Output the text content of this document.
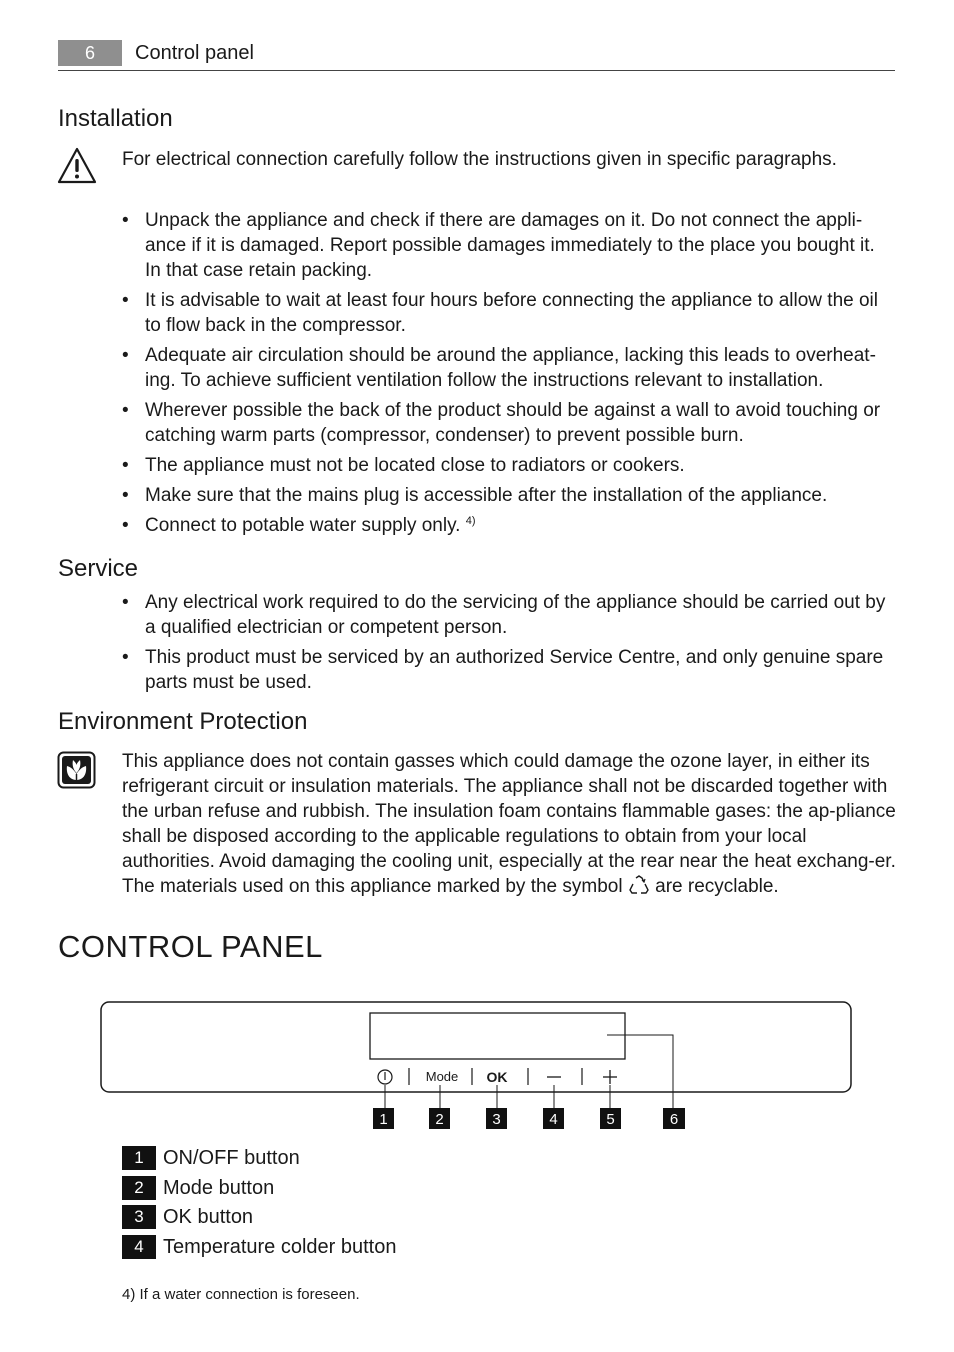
6	Control panel
Installation
For electrical connection carefully follow the instructions given in specific paragraphs.
• Unpack the appliance and check if there are damages on it. Do not connect the appli-ance if it is damaged. Report possible damages immediately to the place you bought it. In that case retain packing.
• It is advisable to wait at least four hours before connecting the appliance to allow the oil to flow back in the compressor.
• Adequate air circulation should be around the appliance, lacking this leads to overheat-ing. To achieve sufficient ventilation follow the instructions relevant to installation.
• Wherever possible the back of the product should be against a wall to avoid touching or catching warm parts (compressor, condenser) to prevent possible burn.
• The appliance must not be located close to radiators or cookers.
• Make sure that the mains plug is accessible after the installation of the appliance.
• Connect to potable water supply only. $^{4)}$
Service
• Any electrical work required to do the servicing of the appliance should be carried out by a qualified electrician or competent person.
• This product must be serviced by an authorized Service Centre, and only genuine spare parts must be used.
Environment Protection
This appliance does not contain gasses which could damage the ozone layer, in either its refrigerant circuit or insulation materials. The appliance shall not be discarded together with the urban refuse and rubbish. The insulation foam contains flammable gases: the ap-pliance shall be disposed according to the applicable regulations to obtain from your local authorities. Avoid damaging the cooling unit, especially at the rear near the heat exchang-er. The materials used on this appliance marked by the symbol are recyclable.
CONTROL PANEL
Mode OK
1	2	3	4	5	6
1 ON/OFF button
2 Mode button
3 OK button
4 Temperature colder button
4) If a water connection is foreseen.
